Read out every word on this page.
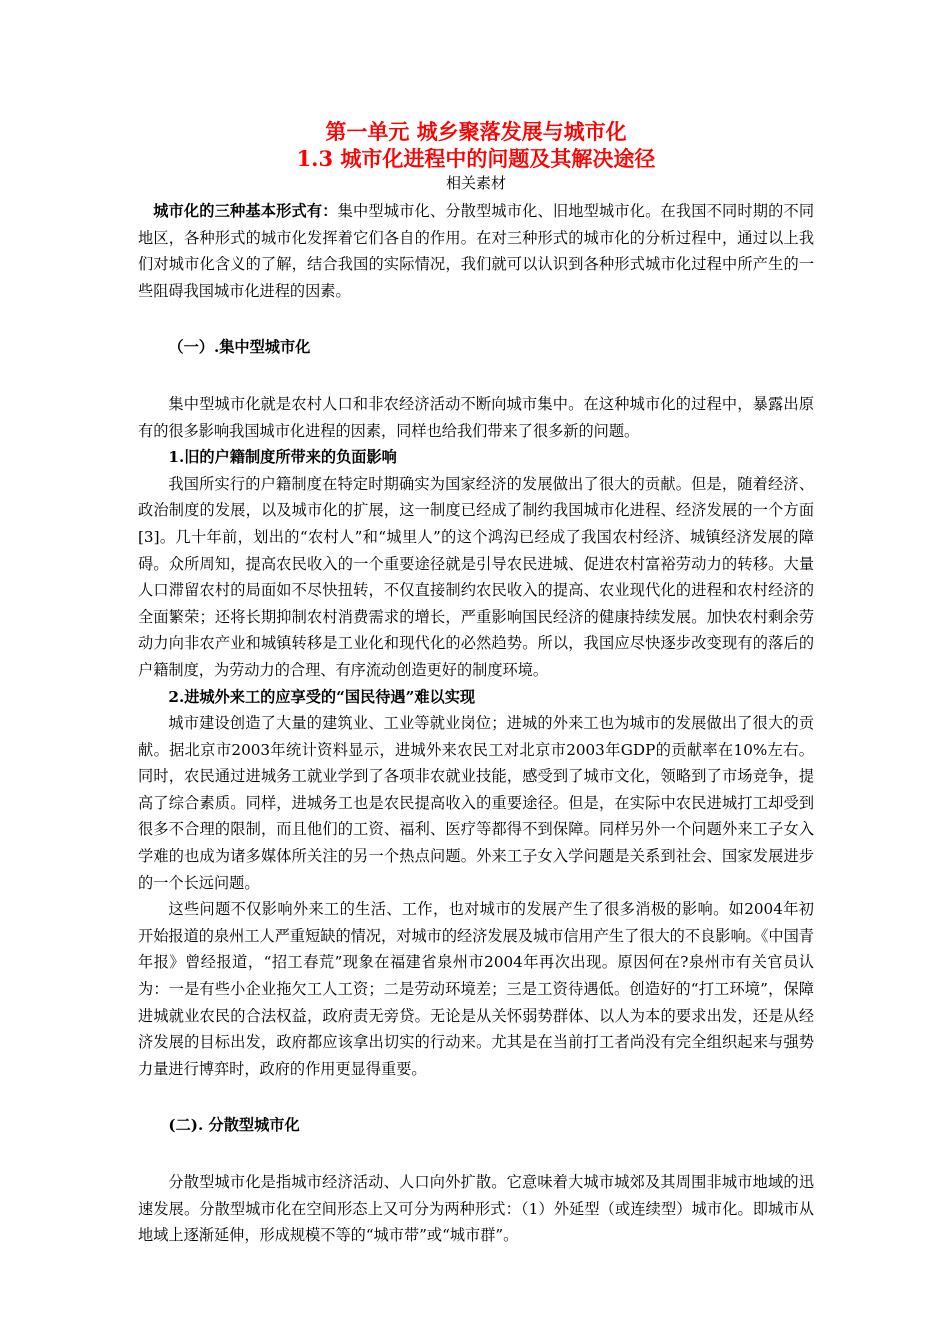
第一单元 城乡聚落发展与城市化
1.3 城市化进程中的问题及其解决途径
相关素材

城市化的三种基本形式有：集中型城市化、分散型城市化、旧地型城市化。在我国不同时期的不同地区，各种形式的城市化发挥着它们各自的作用。在对三种形式的城市化的分析过程中，通过以上我们对城市化含义的了解，结合我国的实际情况，我们就可以认识到各种形式城市化过程中所产生的一些阻碍我国城市化进程的因素。

（一）.集中型城市化

集中型城市化就是农村人口和非农经济活动不断向城市集中。在这种城市化的过程中，暴露出原有的很多影响我国城市化进程的因素，同样也给我们带来了很多新的问题。

1.旧的户籍制度所带来的负面影响

我国所实行的户籍制度在特定时期确实为国家经济的发展做出了很大的贡献。但是，随着经济、政治制度的发展，以及城市化的扩展，这一制度已经成了制约我国城市化进程、经济发展的一个方面[3]。几十年前，划出的“农村人”和“城里人”的这个鸿沟已经成了我国农村经济、城镇经济发展的障碍。众所周知，提高农民收入的一个重要途径就是引导农民进城、促进农村富裕劳动力的转移。大量人口滞留农村的局面如不尽快扭转，不仅直接制约农民收入的提高、农业现代化的进程和农村经济的全面繁荣；还将长期抑制农村消费需求的增长，严重影响国民经济的健康持续发展。加快农村剩余劳动力向非农产业和城镇转移是工业化和现代化的必然趋势。所以，我国应尽快逐步改变现有的落后的户籍制度，为劳动力的合理、有序流动创造更好的制度环境。

2.进城外来工的应享受的“国民待遇”难以实现

城市建设创造了大量的建筑业、工业等就业岗位；进城的外来工也为城市的发展做出了很大的贡献。据北京市2003年统计资料显示，进城外来农民工对北京市2003年GDP的贡献率在10%左右。同时，农民通过进城务工就业学到了各项非农就业技能，感受到了城市文化，领略到了市场竞争，提高了综合素质。同样，进城务工也是农民提高收入的重要途径。但是，在实际中农民进城打工却受到很多不合理的限制，而且他们的工资、福利、医疗等都得不到保障。同样另外一个问题外来工子女入学难的也成为诸多媒体所关注的另一个热点问题。外来工子女入学问题是关系到社会、国家发展进步的一个长远问题。

这些问题不仅影响外来工的生活、工作，也对城市的发展产生了很多消极的影响。如2004年初开始报道的泉州工人严重短缺的情况，对城市的经济发展及城市信用产生了很大的不良影响。《中国青年报》曾经报道，“招工春荒”现象在福建省泉州市2004年再次出现。原因何在?泉州市有关官员认为：一是有些小企业拖欠工人工资；二是劳动环境差；三是工资待遇低。创造好的“打工环境”，保障进城就业农民的合法权益，政府责无旁贷。无论是从关怀弱势群体、以人为本的要求出发，还是从经济发展的目标出发，政府都应该拿出切实的行动来。尤其是在当前打工者尚没有完全组织起来与强势力量进行博弈时，政府的作用更显得重要。

(二). 分散型城市化

分散型城市化是指城市经济活动、人口向外扩散。它意味着大城市城郊及其周围非城市地域的迅速发展。分散型城市化在空间形态上又可分为两种形式：（1）外延型（或连续型）城市化。即城市从地域上逐渐延伸，形成规模不等的“城市带”或“城市群”。
